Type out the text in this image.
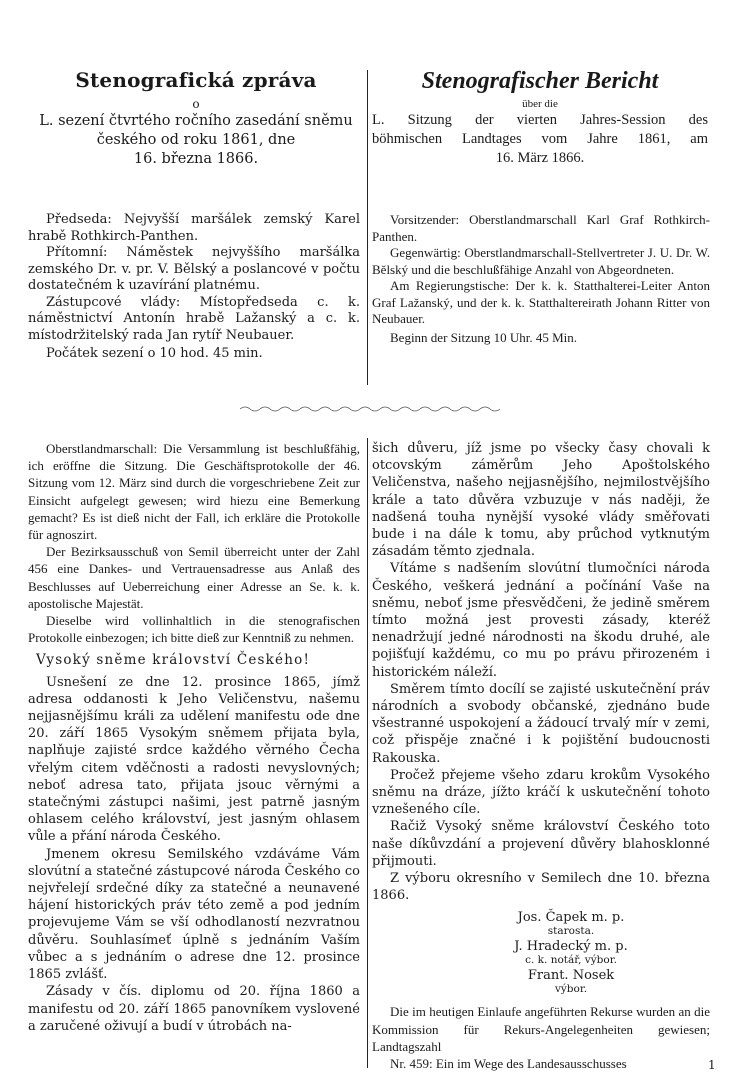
Stenografická zpráva
o
L. sezení čtvrtého ročního zasedání sněmu
českého od roku 1861, dne
16. března 1866.
Stenografischer Bericht
über die
L. Sitzung der vierten Jahres-Session des
böhmischen Landtages vom Jahre 1861, am
16. März 1866.

Předseda: Nejvyšší maršálek zemský Karel hrabě Rothkirch-Panthen.

Přítomní: Náměstek nejvyššího maršálka zemského Dr. v. pr. V. Bělský a poslancové v počtu dostatečném k uzavírání platnému.

Zástupcové vlády: Místopředseda c. k. náměstnictví Antonín hrabě Lažanský a c. k. místodržitelský rada Jan rytíř Neubauer.

Počátek sezení o 10 hod. 45 min.

Vorsitzender: Oberstlandmarschall Karl Graf Rothkirch-Panthen.

Gegenwärtig: Oberstlandmarschall-Stellvertreter J. U. Dr. W. Bělský und die beschlußfähige Anzahl von Abgeordneten.

Am Regierungstische: Der k. k. Statthalterei-Leiter Anton Graf Lažanský, und der k. k. Statthaltereirath Johann Ritter von Neubauer.

Beginn der Sitzung 10 Uhr. 45 Min.

Oberstlandmarschall: Die Versammlung ist beschlußfähig, ich eröffne die Sitzung. Die Geschäftsprotokolle der 46. Sitzung vom 12. März sind durch die vorgeschriebene Zeit zur Einsicht aufgelegt gewesen; wird hiezu eine Bemerkung gemacht? Es ist dieß nicht der Fall, ich erkläre die Protokolle für agnoszirt.

Der Bezirksausschuß von Semil überreicht unter der Zahl 456 eine Dankes- und Vertrauensadresse aus Anlaß des Beschlusses auf Ueberreichung einer Adresse an Se. k. k. apostolische Majestät.

Dieselbe wird vollinhaltlich in die stenografischen Protokolle einbezogen; ich bitte dieß zur Kenntniß zu nehmen.

Vysoký sněme království Českého!

Usnešení ze dne 12. prosince 1865, jímž adresa oddanosti k Jeho Veličenstvu, našemu nejjasnějšímu králi za udělení manifestu ode dne 20. září 1865 Vysokým sněmem přijata byla, naplňuje zajisté srdce každého věrného Čecha vřelým citem vděčnosti a radosti nevyslovných; neboť adresa tato, přijata jsouc věrnými a statečnými zástupci našimi, jest patrně jasným ohlasem celého království, jest jasným ohlasem vůle a přání národa Českého.

Jmenem okresu Semilského vzdáváme Vám slovútní a statečné zástupcové národa Českého co nejvřelejí srdečné díky za statečné a neunavené hájení historických práv této země a pod jedním projevujeme Vám se vší odhodlaností nezvratnou důvěru. Souhlasímeť úplně s jednáním Vaším vůbec a s jednáním o adrese dne 12. prosince 1865 zvlášť.

Zásady v čís. diplomu od 20. října 1860 a manifestu od 20. září 1865 panovníkem vyslovené a zaručené oživují a budí v útrobách na-

šich důveru, jíž jsme po všecky časy chovali k otcovským záměrům Jeho Apoštolského Veličenstva, našeho nejjasnějšího, nejmilostvějšího krále a tato důvěra vzbuzuje v nás naději, že nadšená touha nynější vysoké vlády směřovati bude i na dále k tomu, aby průchod vytknutým zásadám těmto zjednala.

Vítáme s nadšením slovútní tlumočníci národa Českého, veškerá jednání a počínání Vaše na sněmu, neboť jsme přesvědčeni, že jedině směrem tímto možná jest provesti zásady, kteréž nenadržují jedné národnosti na škodu druhé, ale pojišťují každému, co mu po právu přirozeném i historickém náleží.

Směrem tímto docílí se zajisté uskutečnění práv národních a svobody občanské, zjednáno bude všestranné uspokojení a žádoucí trvalý mír v zemi, což přispěje značné i k pojištění budoucnosti Rakouska.

Pročež přejeme všeho zdaru krokům Vysokého sněmu na dráze, jížto kráčí k uskutečnění tohoto vznešeného cíle.

Račiž Vysoký sněme království Českého toto naše díkůvzdání a projevení důvěry blahosklonné přijmouti.

Z výboru okresního v Semilech dne 10. března 1866.

Jos. Čapek m. p.
starosta.
J. Hradecký m. p.
c. k. notář, výbor.
Frant. Nosek
výbor.

Die im heutigen Einlaufe angeführten Rekurse wurden an die Kommission für Rekurs-Angelegenheiten gewiesen; Landtagszahl

Nr. 459: Ein im Wege des Landesausschusses	1
